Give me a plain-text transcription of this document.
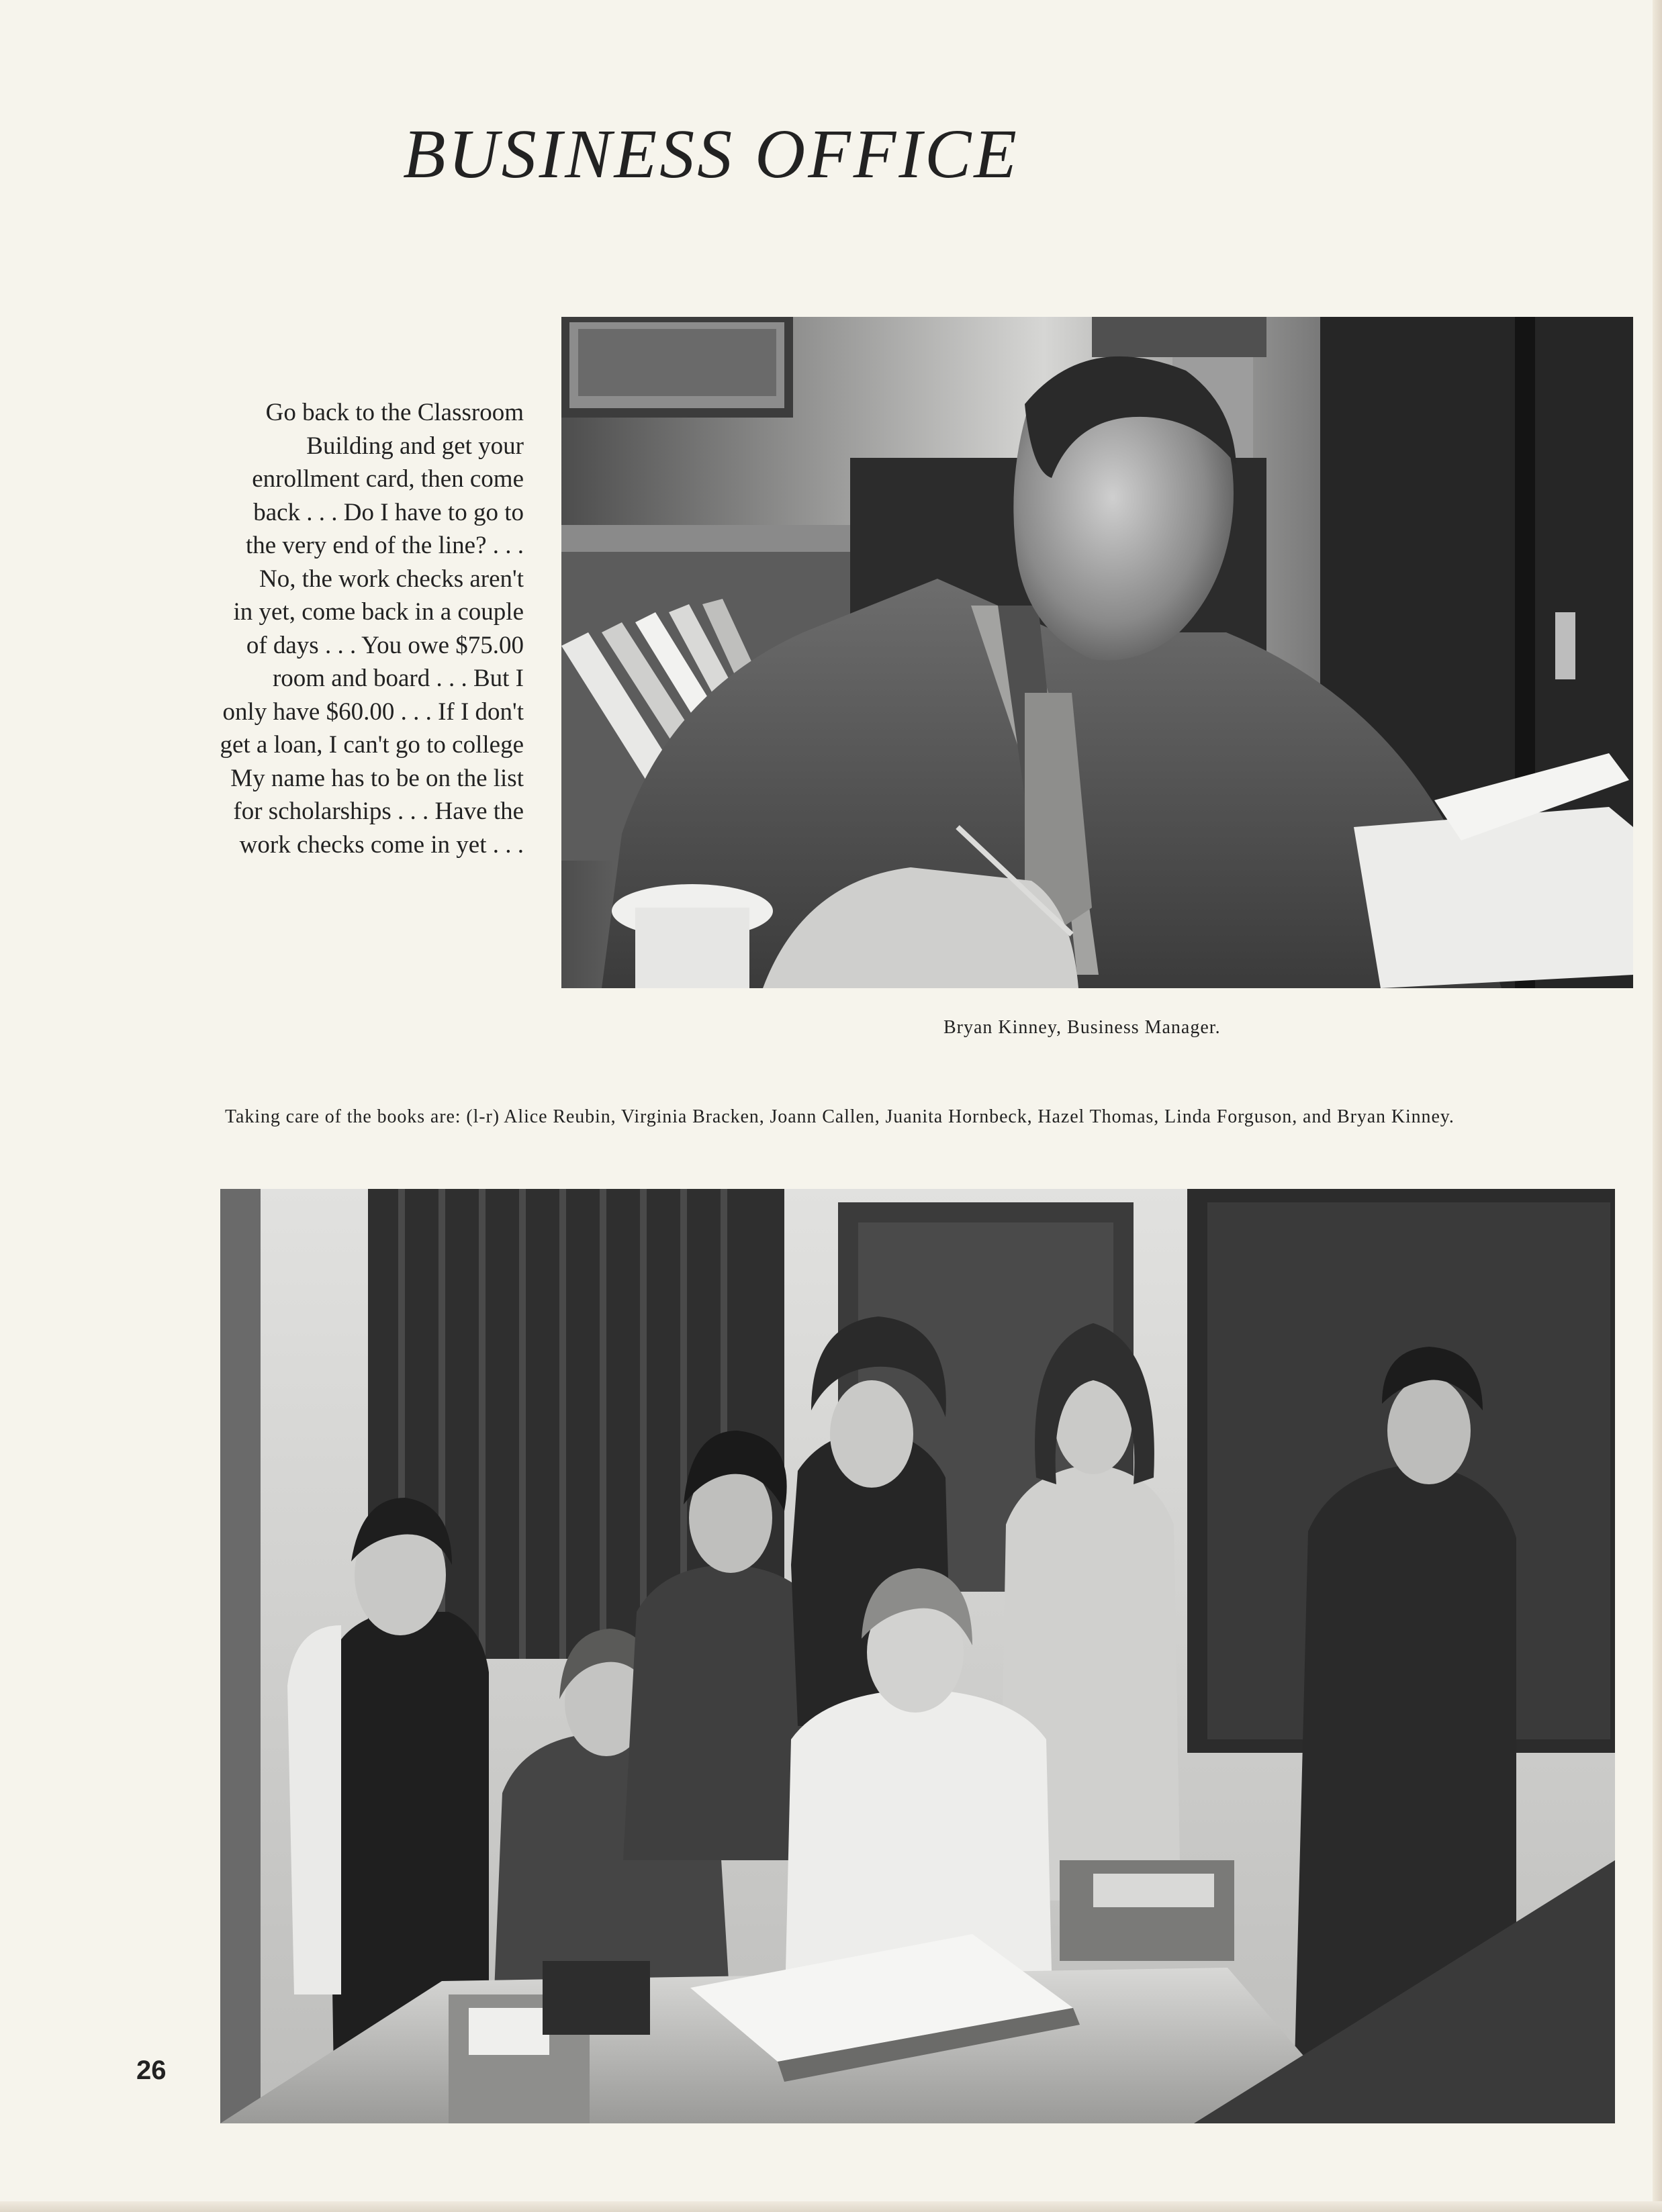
BUSINESS OFFICE
Go back to the Classroom
Building and get your
enrollment card, then come
back . . . Do I have to go to
the very end of the line? . . .
No, the work checks aren't
in yet, come back in a couple
of days . . . You owe $75.00
room and board . . . But I
only have $60.00 . . . If I don't
get a loan, I can't go to college
My name has to be on the list
for scholarships . . . Have the
work checks come in yet . . .
Bryan Kinney, Business Manager.
Taking care of the books are: (l-r) Alice Reubin, Virginia Bracken, Joann Callen, Juanita Hornbeck, Hazel Thomas, Linda Forguson, and Bryan Kinney.
26
